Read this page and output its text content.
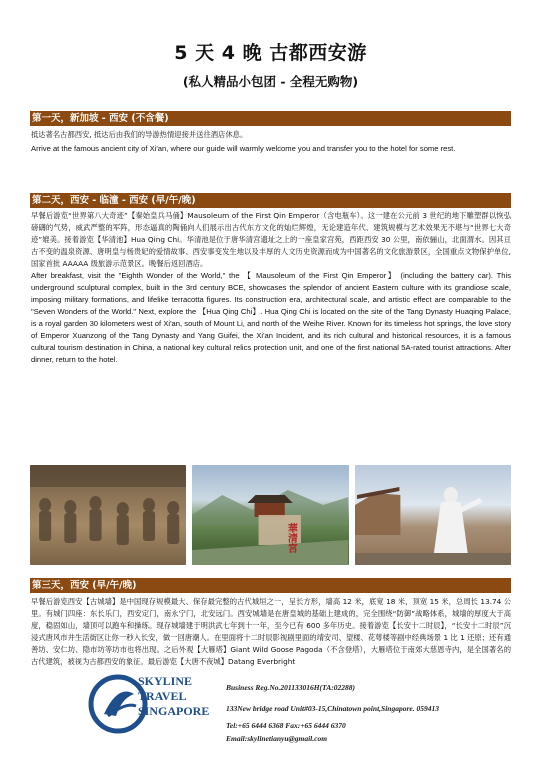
5 天 4 晚 古都西安游
(私人精品小包团 - 全程无购物)
第一天，新加坡 - 西安 (不含餐)
抵达著名古都西安, 抵达后由我们的导游热情迎接并送往酒店休息。
Arrive at the famous ancient city of Xi'an, where our guide will warmly welcome you and transfer you to the hotel for some rest.
第二天，西安 - 临潼 - 西安 (早/午/晚)
早餐后游览“世界第八大奇迹”【秦始皇兵马俑】Mausoleum of the First Qin Emperor（含电瓶车）。这一建在公元前 3 世纪的地下雕塑群以恢弘磅礴的气势，威武严整的军阵，形态逼真的陶俑向人们展示出古代东方文化的灿烂辉煌，无论建造年代、建筑规模与艺术效果无不堪与“世界七大奇迹”媲美。接着游览【华清池】Hua Qing Chi。华清池是位于唐华清宫遗址之上的一座皇家宫苑，西距西安 30 公里，南依骊山，北面渭水。因其亘古不变的温泉资源、唐明皇与杨贵妃的爱情故事、西安事变发生地以及丰厚的人文历史资源而成为中国著名的文化旅游景区，全国重点文物保护单位,国家首批 AAAAA 级旅游示范景区。晚餐后返回酒店。
After breakfast, visit the "Eighth Wonder of the World," the 【 Mausoleum of the First Qin Emperor】 (including the battery car). This underground sculptural complex, built in the 3rd century BCE, showcases the splendor of ancient Eastern culture with its grandiose scale, imposing military formations, and lifelike terracotta figures. Its construction era, architectural scale, and artistic effect are comparable to the "Seven Wonders of the World." Next, explore the 【Hua Qing Chi】. Hua Qing Chi is located on the site of the Tang Dynasty Huaqing Palace, is a royal garden 30 kilometers west of Xi'an, south of Mount Li, and north of the Weihe River. Known for its timeless hot springs, the love story of Emperor Xuanzong of the Tang Dynasty and Yang Guifei, the Xi'an Incident, and its rich cultural and historical resources, it is a famous cultural tourism destination in China, a national key cultural relics protection unit, and one of the first national 5A-rated tourist attractions. After dinner, return to the hotel.
華清宮
第三天，西安 (早/午/晚)
早餐后游览西安【古城墙】是中国现存规模最大、保存最完整的古代城垣之一，呈长方形，墙高 12 米，底宽 18 米，顶宽 15 米，总周长 13.74 公里。有城门四座：东长乐门，西安定门，南永宁门，北安远门。西安城墙是在唐皇城的基础上建成的，完全围绕“防御”战略体系，城墙的厚度大于高度，稳固如山，墙顶可以跑车和操练。现存城墙建于明洪武七年到十一年，至今已有 600 多年历史。接着游览【长安十二时辰】，“长安十二时辰”沉浸式唐风市井生活街区让你一秒入长安，做一回唐潮人。在里面将十二时辰影视剧里面的靖安司、望楼、花萼楼等剧中经典场景 1 比 1 还原；还有通善坊、安仁坊、隐市坊等坊市也将出现。之后外观【大雁塔】Giant Wild Goose Pagoda（不含登塔），大雁塔位于南郊大慈恩寺内，是全国著名的古代建筑，被视为古都西安的象征。最后游览【大唐不夜城】Datang Everbright
SKYLINE
TRAVEL
SINGAPORE
Business Reg.No.201133016H(TA:02288)
133New bridge road Unit#03-15,Chinatown point,Singapore. 059413
Tel:+65 6444 6368 Fax:+65 6444 6370
Email:skylinetianyu@gmail.com
